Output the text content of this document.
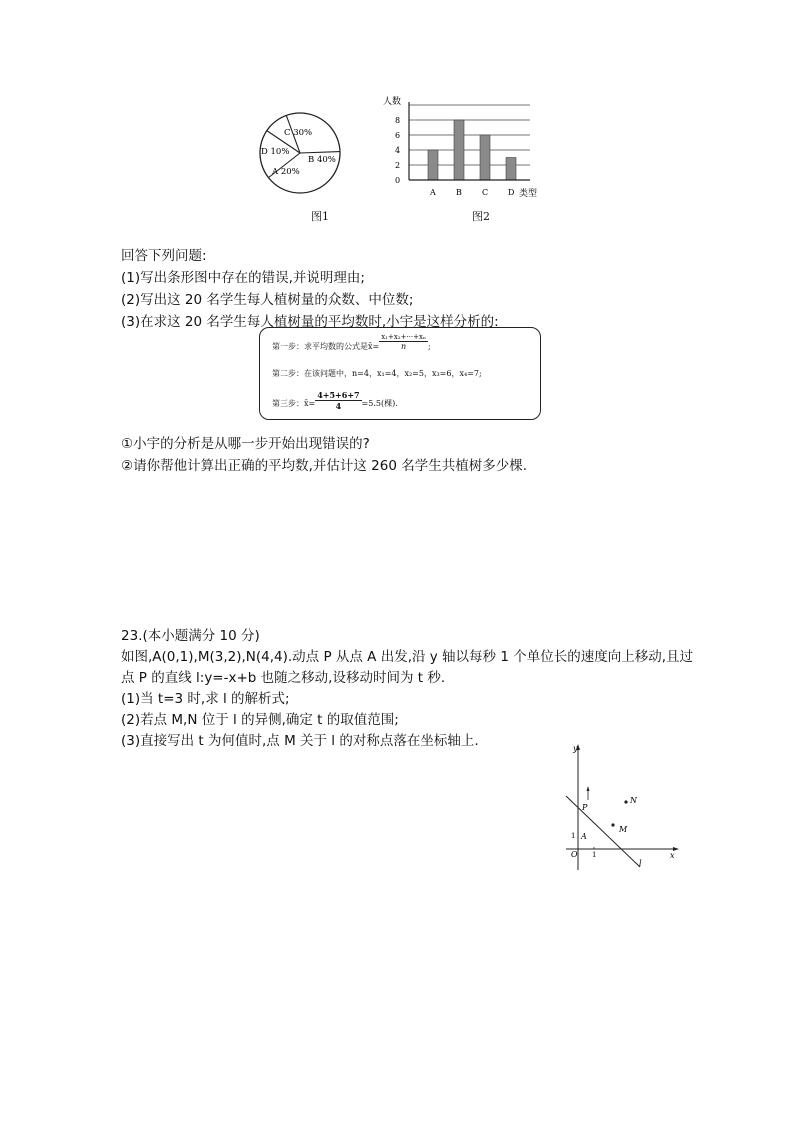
C 30%
D 10%
B 40%
A 20%
图1
0
2
4
6
8
A	B	C D
人数
类型
图2
回答下列问题:
(1)写出条形图中存在的错误,并说明理由;
(2)写出这 20 名学生每人植树量的众数、中位数;
(3)在求这 20 名学生每人植树量的平均数时,小宇是这样分析的:
第一步：求平均数的公式是x̄= $\frac{\text{x₁+x₂+···+xₙ}}{n}$ ;
第二步：在该问题中，n=4，x₁=4，x₂=5，x₃=6，x₄=7;
第三步：x̄= $\frac{4+5+6+7}{4} =5.5$(棵).
①小宇的分析是从哪一步开始出现错误的?
②请你帮他计算出正确的平均数,并估计这 260 名学生共植树多少棵.
23.(本小题满分 10 分)
如图,A(0,1),M(3,2),N(4,4).动点 P 从点 A 出发,沿 y 轴以每秒 1 个单位长的速度向上移动,且过
点 P 的直线 l:y=-x+b 也随之移动,设移动时间为 t 秒.
(1)当 t=3 时,求 l 的解析式;
(2)若点 M,N 位于 l 的异侧,确定 t 的取值范围;
(3)直接写出 t 为何值时,点 M 关于 l 的对称点落在坐标轴上.	y
x
O 1
1 A
P
l
M
N
